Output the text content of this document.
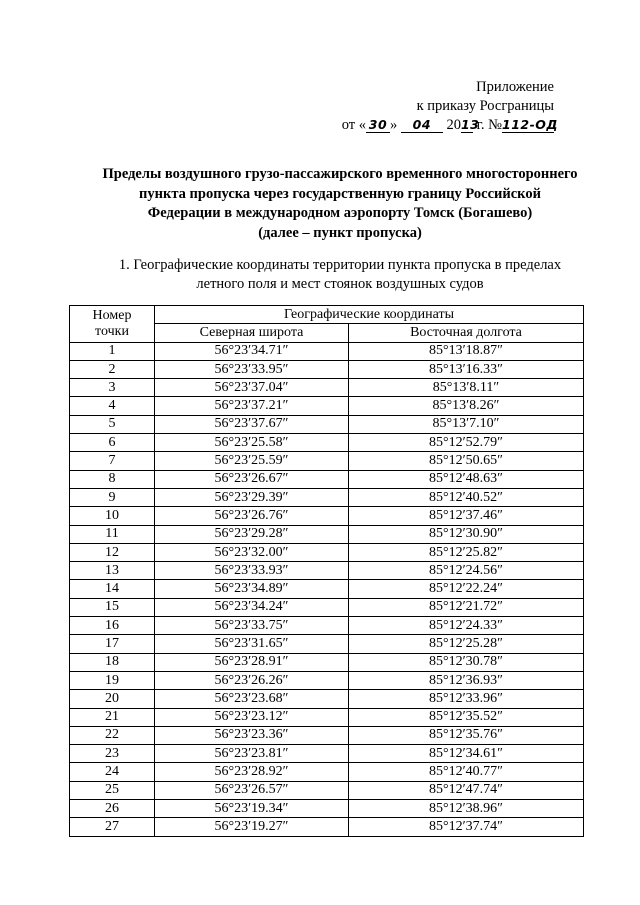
Приложение
к приказу Росграницы
от « 30 » 04 2013 г. №112-ОД
Пределы воздушного грузо-пассажирского временного многостороннего
пункта пропуска через государственную границу Российской
Федерации в международном аэропорту Томск (Богашево)
(далее – пункт пропуска)
1. Географические координаты территории пункта пропуска в пределах
летного поля и мест стоянок воздушных судов
Номер
точки	Географические координаты	
	Северная широта	Восточная долгота
1	56°23′34.71″	85°13′18.87″
2	56°23′33.95″	85°13′16.33″
3	56°23′37.04″	85°13′8.11″
4	56°23′37.21″	85°13′8.26″
5	56°23′37.67″	85°13′7.10″
6	56°23′25.58″	85°12′52.79″
7	56°23′25.59″	85°12′50.65″
8	56°23′26.67″	85°12′48.63″
9	56°23′29.39″	85°12′40.52″
10	56°23′26.76″	85°12′37.46″
11	56°23′29.28″	85°12′30.90″
12	56°23′32.00″	85°12′25.82″
13	56°23′33.93″	85°12′24.56″
14	56°23′34.89″	85°12′22.24″
15	56°23′34.24″	85°12′21.72″
16	56°23′33.75″	85°12′24.33″
17	56°23′31.65″	85°12′25.28″
18	56°23′28.91″	85°12′30.78″
19	56°23′26.26″	85°12′36.93″
20	56°23′23.68″	85°12′33.96″
21	56°23′23.12″	85°12′35.52″
22	56°23′23.36″	85°12′35.76″
23	56°23′23.81″	85°12′34.61″
24	56°23′28.92″	85°12′40.77″
25	56°23′26.57″	85°12′47.74″
26	56°23′19.34″	85°12′38.96″
27	56°23′19.27″	85°12′37.74″
